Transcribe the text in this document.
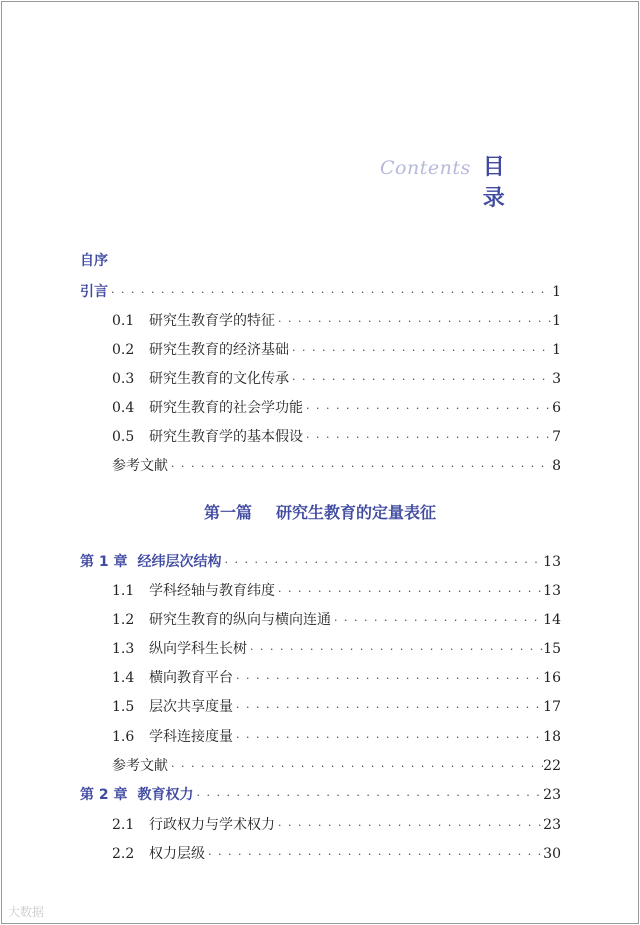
Contents 目　录
自序
引言 · · ·	1
0.1	研究生教育学的特征 · · ·	1
0.2	研究生教育的经济基础 · · ·	1
0.3	研究生教育的文化传承 · · ·	3
0.4	研究生教育的社会学功能 · · ·	6
0.5	研究生教育学的基本假设 · · ·	7
参考文献 · · ·	8
第一篇 研究生教育的定量表征
第 1 章 经纬层次结构 · · ·	13
1.1	学科经轴与教育纬度 · · ·	13
1.2	研究生教育的纵向与横向连通 · · ·	14
1.3	纵向学科生长树 · · ·	15
1.4	横向教育平台 · · ·	16
1.5	层次共享度量 · · ·	17
1.6	学科连接度量 · · ·	18
参考文献 · · ·	22
第 2 章 教育权力 · · ·	23
2.1	行政权力与学术权力 · · ·	23
2.2	权力层级 · · ·	30
大数据
